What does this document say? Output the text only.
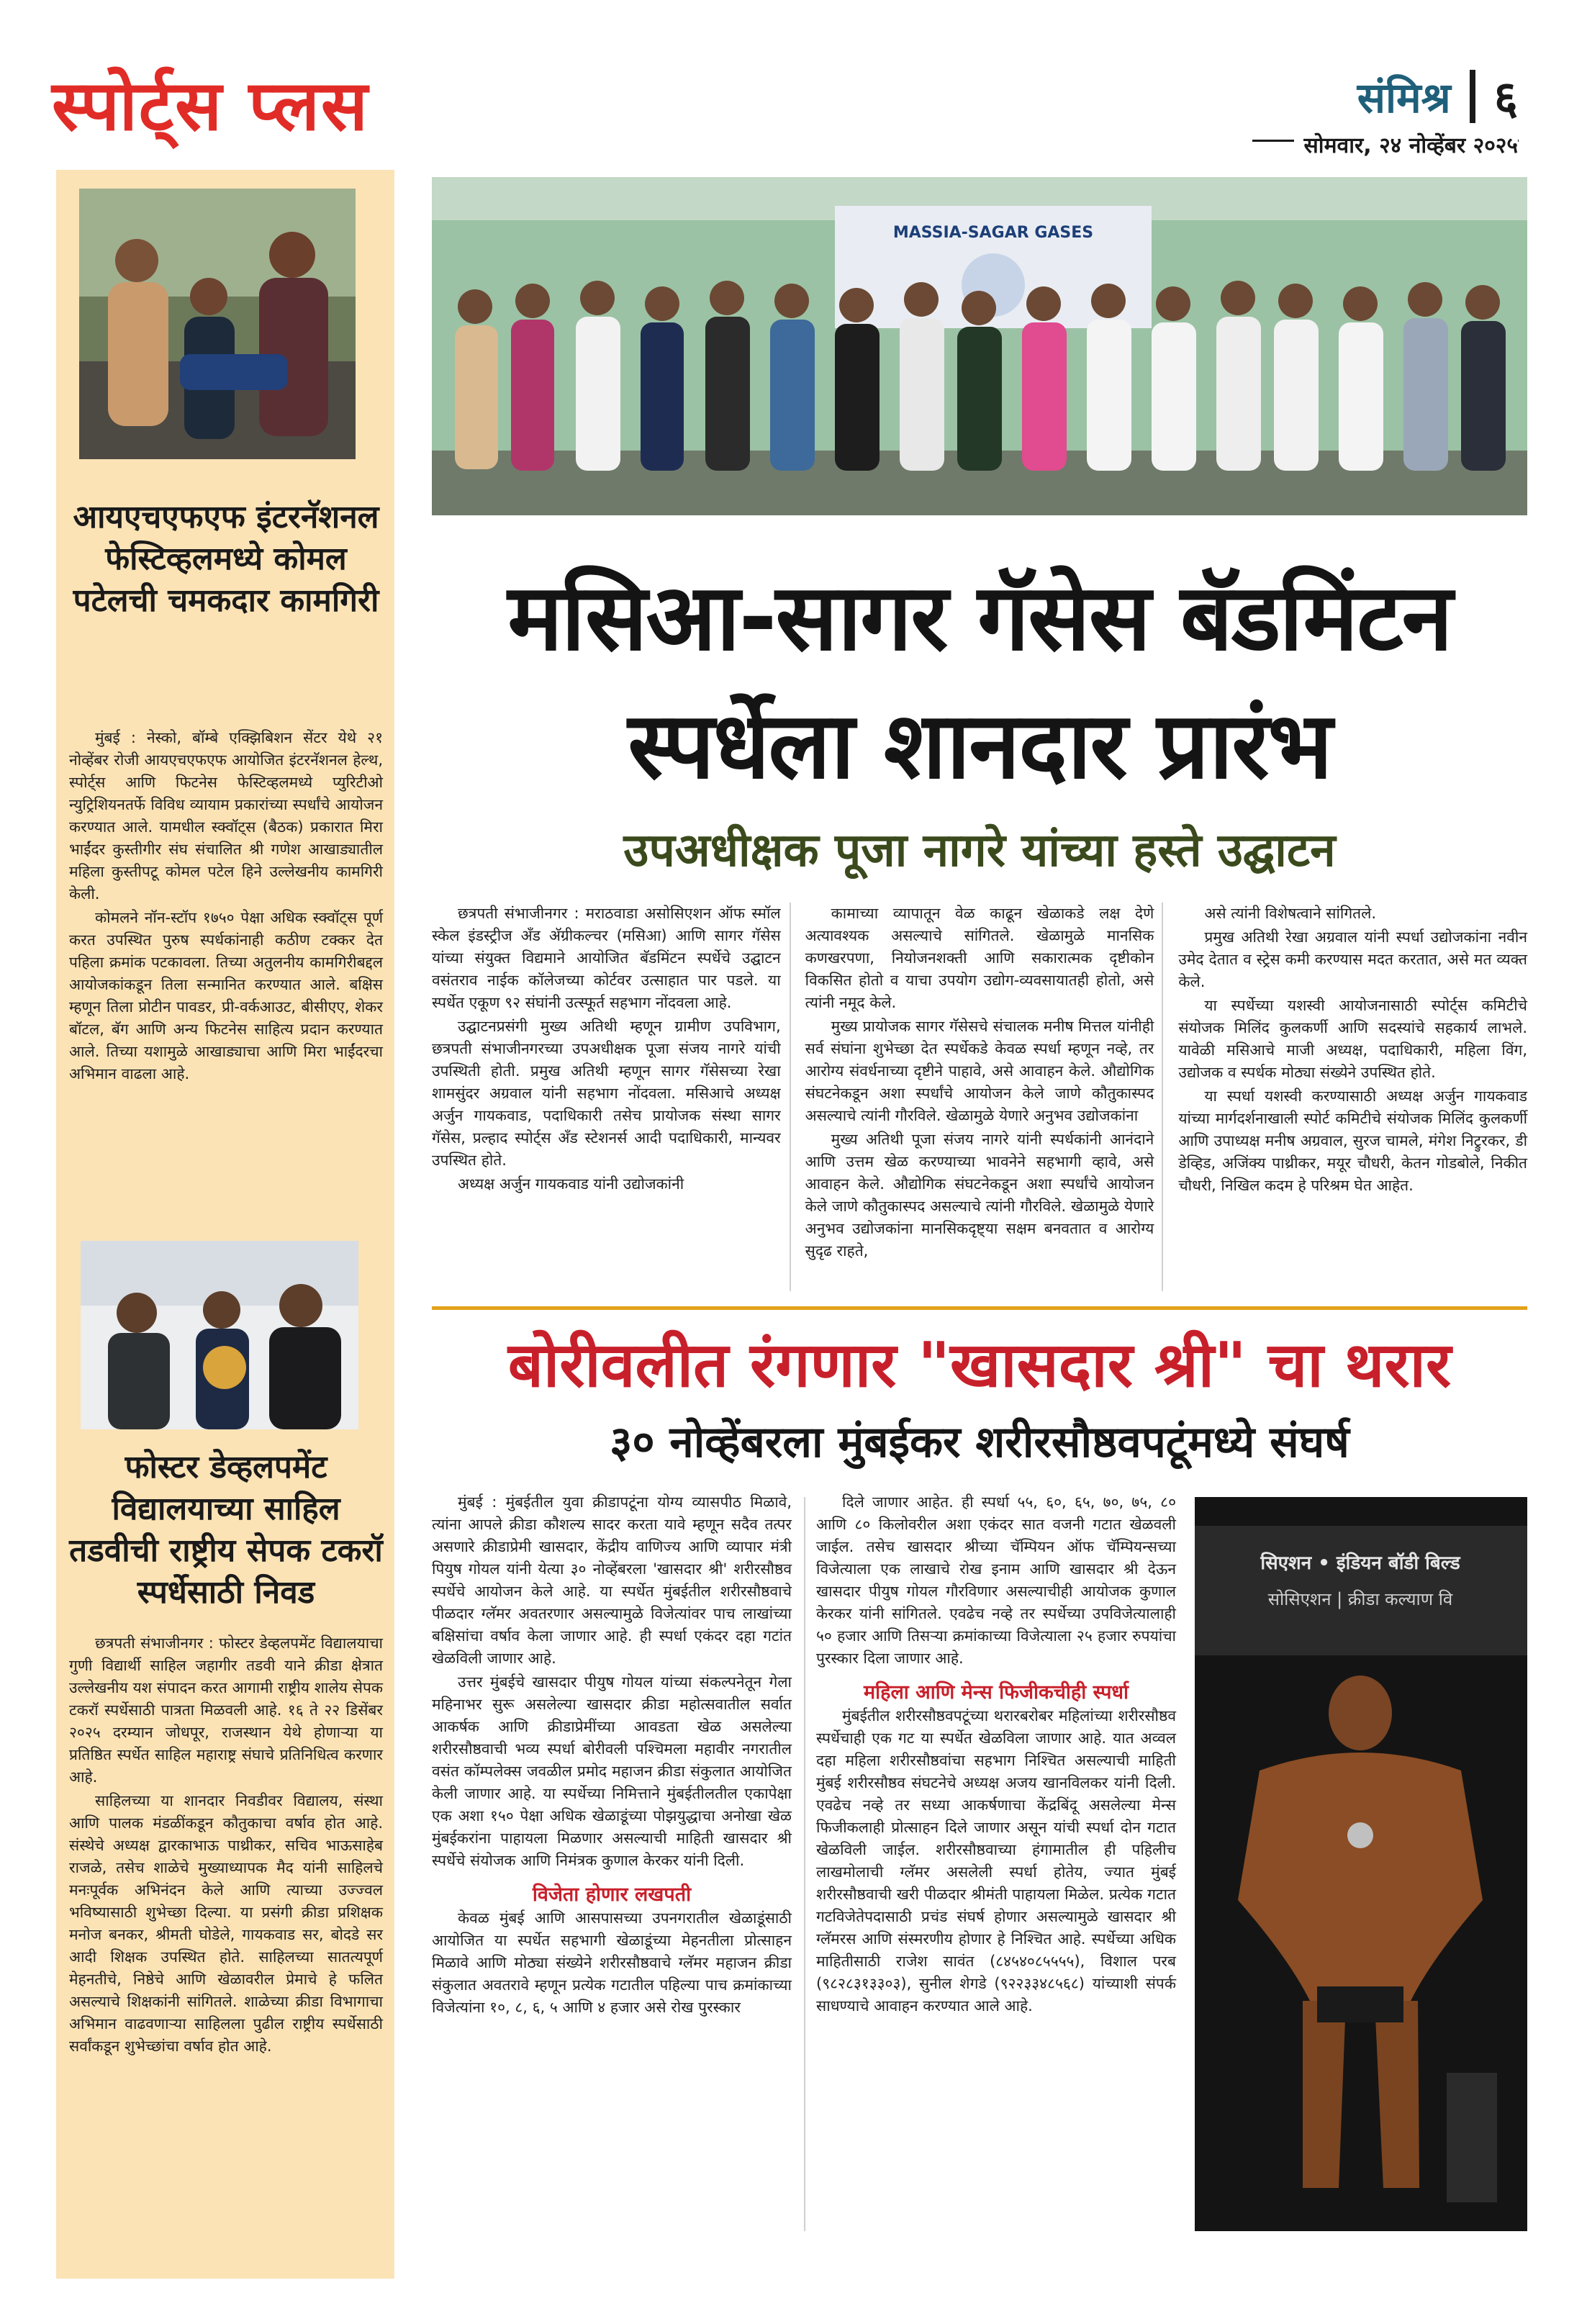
स्पोर्ट्स प्लस	संमिश्र ६
सोमवार, २४ नोव्हेंबर २०२५
आयएचएफएफ इंटरनॅशनल फेस्टिव्हलमध्ये कोमल पटेलची चमकदार कामगिरी

मुंबई : नेस्को, बॉम्बे एक्झिबिशन सेंटर येथे २१ नोव्हेंबर रोजी आयएचएफएफ आयोजित इंटरनॅशनल हेल्थ, स्पोर्ट्स आणि फिटनेस फेस्टिव्हलमध्ये प्युरिटीओ न्युट्रिशियनतर्फे विविध व्यायाम प्रकारांच्या स्पर्धांचे आयोजन करण्यात आले. यामधील स्क्वॉट्स (बैठक) प्रकारात मिरा भाईंदर कुस्तीगीर संघ संचालित श्री गणेश आखाड्यातील महिला कुस्तीपटू कोमल पटेल हिने उल्लेखनीय कामगिरी केली.

कोमलने नॉन-स्टॉप १७५० पेक्षा अधिक स्क्वॉट्स पूर्ण करत उपस्थित पुरुष स्पर्धकांनाही कठीण टक्कर देत पहिला क्रमांक पटकावला. तिच्या अतुलनीय कामगिरीबद्दल आयोजकांकडून तिला सन्मानित करण्यात आले. बक्षिस म्हणून तिला प्रोटीन पावडर, प्री-वर्कआउट, बीसीएए, शेकर बॉटल, बॅग आणि अन्य फिटनेस साहित्य प्रदान करण्यात आले. तिच्या यशामुळे आखाड्याचा आणि मिरा भाईंदरचा अभिमान वाढला आहे.

फोस्टर डेव्हलपमेंट विद्यालयाच्या साहिल तडवीची राष्ट्रीय सेपक टकरॉ स्पर्धेसाठी निवड

छत्रपती संभाजीनगर : फोस्टर डेव्हलपमेंट विद्यालयाचा गुणी विद्यार्थी साहिल जहागीर तडवी याने क्रीडा क्षेत्रात उल्लेखनीय यश संपादन करत आगामी राष्ट्रीय शालेय सेपक टकरॉ स्पर्धेसाठी पात्रता मिळवली आहे. १६ ते २२ डिसेंबर २०२५ दरम्यान जोधपूर, राजस्थान येथे होणाऱ्या या प्रतिष्ठित स्पर्धेत साहिल महाराष्ट्र संघाचे प्रतिनिधित्व करणार आहे.

साहिलच्या या शानदार निवडीवर विद्यालय, संस्था आणि पालक मंडळींकडून कौतुकाचा वर्षाव होत आहे. संस्थेचे अध्यक्ष द्वारकाभाऊ पाथ्रीकर, सचिव भाऊसाहेब राजळे, तसेच शाळेचे मुख्याध्यापक मैद यांनी साहिलचे मनःपूर्वक अभिनंदन केले आणि त्याच्या उज्ज्वल भविष्यासाठी शुभेच्छा दिल्या. या प्रसंगी क्रीडा प्रशिक्षक मनोज बनकर, श्रीमती घोडेले, गायकवाड सर, बोदडे सर आदी शिक्षक उपस्थित होते. साहिलच्या सातत्यपूर्ण मेहनतीचे, निष्ठेचे आणि खेळावरील प्रेमाचे हे फलित असल्याचे शिक्षकांनी सांगितले. शाळेच्या क्रीडा विभागाचा अभिमान वाढवणाऱ्या साहिलला पुढील राष्ट्रीय स्पर्धेसाठी सर्वांकडून शुभेच्छांचा वर्षाव होत आहे.

MASSIA-SAGAR GASES
मसिआ-सागर गॅसेस बॅडमिंटन स्पर्धेला शानदार प्रारंभ
उपअधीक्षक पूजा नागरे यांच्या हस्ते उद्घाटन

छत्रपती संभाजीनगर : मराठवाडा असोसिएशन ऑफ स्मॉल स्केल इंडस्ट्रीज अँड अ‍ॅग्रीकल्चर (मसिआ) आणि सागर गॅसेस यांच्या संयुक्त विद्यमाने आयोजित बॅडमिंटन स्पर्धेचे उद्घाटन वसंतराव नाईक कॉलेजच्या कोर्टवर उत्साहात पार पडले. या स्पर्धेत एकूण ९२ संघांनी उत्स्फूर्त सहभाग नोंदवला आहे.

उद्घाटनप्रसंगी मुख्य अतिथी म्हणून ग्रामीण उपविभाग, छत्रपती संभाजीनगरच्या उपअधीक्षक पूजा संजय नागरे यांची उपस्थिती होती. प्रमुख अतिथी म्हणून सागर गॅसेसच्या रेखा शामसुंदर अग्रवाल यांनी सहभाग नोंदवला. मसिआचे अध्यक्ष अर्जुन गायकवाड, पदाधिकारी तसेच प्रायोजक संस्था सागर गॅसेस, प्रल्हाद स्पोर्ट्स अँड स्टेशनर्स आदी पदाधिकारी, मान्यवर उपस्थित होते.

अध्यक्ष अर्जुन गायकवाड यांनी उद्योजकांनी

कामाच्या व्यापातून वेळ काढून खेळाकडे लक्ष देणे अत्यावश्यक असल्याचे सांगितले. खेळामुळे मानसिक कणखरपणा, नियोजनशक्ती आणि सकारात्मक दृष्टीकोन विकसित होतो व याचा उपयोग उद्योग-व्यवसायातही होतो, असे त्यांनी नमूद केले.

मुख्य प्रायोजक सागर गॅसेसचे संचालक मनीष मित्तल यांनीही सर्व संघांना शुभेच्छा देत स्पर्धेकडे केवळ स्पर्धा म्हणून नव्हे, तर आरोग्य संवर्धनाच्या दृष्टीने पाहावे, असे आवाहन केले. औद्योगिक संघटनेकडून अशा स्पर्धांचे आयोजन केले जाणे कौतुकास्पद असल्याचे त्यांनी गौरविले. खेळामुळे येणारे अनुभव उद्योजकांना

मुख्य अतिथी पूजा संजय नागरे यांनी स्पर्धकांनी आनंदाने आणि उत्तम खेळ करण्याच्या भावनेने सहभागी व्हावे, असे आवाहन केले. औद्योगिक संघटनेकडून अशा स्पर्धांचे आयोजन केले जाणे कौतुकास्पद असल्याचे त्यांनी गौरविले. खेळामुळे येणारे अनुभव उद्योजकांना मानसिकदृष्ट्या सक्षम बनवतात व आरोग्य सुदृढ राहते,

असे त्यांनी विशेषत्वाने सांगितले.

प्रमुख अतिथी रेखा अग्रवाल यांनी स्पर्धा उद्योजकांना नवीन उमेद देतात व स्ट्रेस कमी करण्यास मदत करतात, असे मत व्यक्त केले.

या स्पर्धेच्या यशस्वी आयोजनासाठी स्पोर्ट्स कमिटीचे संयोजक मिलिंद कुलकर्णी आणि सदस्यांचे सहकार्य लाभले. यावेळी मसिआचे माजी अध्यक्ष, पदाधिकारी, महिला विंग, उद्योजक व स्पर्धक मोठ्या संख्येने उपस्थित होते.

या स्पर्धा यशस्वी करण्यासाठी अध्यक्ष अर्जुन गायकवाड यांच्या मार्गदर्शनाखाली स्पोर्ट कमिटीचे संयोजक मिलिंद कुलकर्णी आणि उपाध्यक्ष मनीष अग्रवाल, सुरज चामले, मंगेश निट्रुरकर, डी डेव्हिड, अजिंक्य पाथ्रीकर, मयूर चौधरी, केतन गोडबोले, निकीत चौधरी, निखिल कदम हे परिश्रम घेत आहेत.

बोरीवलीत रंगणार "खासदार श्री" चा थरार
३० नोव्हेंबरला मुंबईकर शरीरसौष्ठवपटूंमध्ये संघर्ष

मुंबई : मुंबईतील युवा क्रीडापटूंना योग्य व्यासपीठ मिळावे, त्यांना आपले क्रीडा कौशल्य सादर करता यावे म्हणून सदैव तत्पर असणारे क्रीडाप्रेमी खासदार, केंद्रीय वाणिज्य आणि व्यापार मंत्री पियुष गोयल यांनी येत्या ३० नोव्हेंबरला 'खासदार श्री' शरीरसौष्ठव स्पर्धेचे आयोजन केले आहे. या स्पर्धेत मुंबईतील शरीरसौष्ठवाचे पीळदार ग्लॅमर अवतरणार असल्यामुळे विजेत्यांवर पाच लाखांच्या बक्षिसांचा वर्षाव केला जाणार आहे. ही स्पर्धा एकंदर दहा गटांत खेळविली जाणार आहे.

उत्तर मुंबईचे खासदार पीयुष गोयल यांच्या संकल्पनेतून गेला महिनाभर सुरू असलेल्या खासदार क्रीडा महोत्सवातील सर्वात आकर्षक आणि क्रीडाप्रेमींच्या आवडता खेळ असलेल्या शरीरसौष्ठवाची भव्य स्पर्धा बोरीवली पश्चिमला महावीर नगरातील वसंत कॉम्पलेक्स जवळील प्रमोद महाजन क्रीडा संकुलात आयोजित केली जाणार आहे. या स्पर्धेच्या निमित्ताने मुंबईतीलतील एकापेक्षा एक अशा १५० पेक्षा अधिक खेळाडूंच्या पोझयुद्धाचा अनोखा खेळ मुंबईकरांना पाहायला मिळणार असल्याची माहिती खासदार श्री स्पर्धेचे संयोजक आणि निमंत्रक कुणाल केरकर यांनी दिली.

विजेता होणार लखपती

केवळ मुंबई आणि आसपासच्या उपनगरातील खेळाडूंसाठी आयोजित या स्पर्धेत सहभागी खेळाडूंच्या मेहनतीला प्रोत्साहन मिळावे आणि मोठ्या संख्येने शरीरसौष्ठवाचे ग्लॅमर महाजन क्रीडा संकुलात अवतरावे म्हणून प्रत्येक गटातील पहिल्या पाच क्रमांकाच्या विजेत्यांना १०, ८, ६, ५ आणि ४ हजार असे रोख पुरस्कार

दिले जाणार आहेत. ही स्पर्धा ५५, ६०, ६५, ७०, ७५, ८० आणि ८० किलोवरील अशा एकंदर सात वजनी गटात खेळवली जाईल. तसेच खासदार श्रीच्या चॅम्पियन ऑफ चॅम्पियन्सच्या विजेत्याला एक लाखाचे रोख इनाम आणि खासदार श्री देऊन खासदार पीयुष गोयल गौरविणार असल्याचीही आयोजक कुणाल केरकर यांनी सांगितले. एवढेच नव्हे तर स्पर्धेच्या उपविजेत्यालाही ५० हजार आणि तिसऱ्या क्रमांकाच्या विजेत्याला २५ हजार रुपयांचा पुरस्कार दिला जाणार आहे.

महिला आणि मेन्स फिजीकचीही स्पर्धा

मुंबईतील शरीरसौष्ठवपटूंच्या थरारबरोबर महिलांच्या शरीरसौष्ठव स्पर्धेचाही एक गट या स्पर्धेत खेळविला जाणार आहे. यात अव्वल दहा महिला शरीरसौष्ठवांचा सहभाग निश्चित असल्याची माहिती मुंबई शरीरसौष्ठव संघटनेचे अध्यक्ष अजय खानविलकर यांनी दिली. एवढेच नव्हे तर सध्या आकर्षणाचा केंद्रबिंदू असलेल्या मेन्स फिजीकलाही प्रोत्साहन दिले जाणार असून यांची स्पर्धा दोन गटात खेळविली जाईल. शरीरसौष्ठवाच्या हंगामातील ही पहिलीच लाखमोलाची ग्लॅमर असलेली स्पर्धा होतेय, ज्यात मुंबई शरीरसौष्ठवाची खरी पीळदार श्रीमंती पाहायला मिळेल. प्रत्येक गटात गटविजेतेपदासाठी प्रचंड संघर्ष होणार असल्यामुळे खासदार श्री ग्लॅमरस आणि संस्मरणीय होणार हे निश्चित आहे. स्पर्धेच्या अधिक माहितीसाठी राजेश सावंत (८४५४०८५५५५), विशाल परब (९८२८३१३३०३), सुनील शेगडे (९२२३३४८५६८) यांच्याशी संपर्क साधण्याचे आवाहन करण्यात आले आहे.

सिएशन • इंडियन बॉडी बिल्ड
सोसिएशन | क्रीडा कल्याण वि
